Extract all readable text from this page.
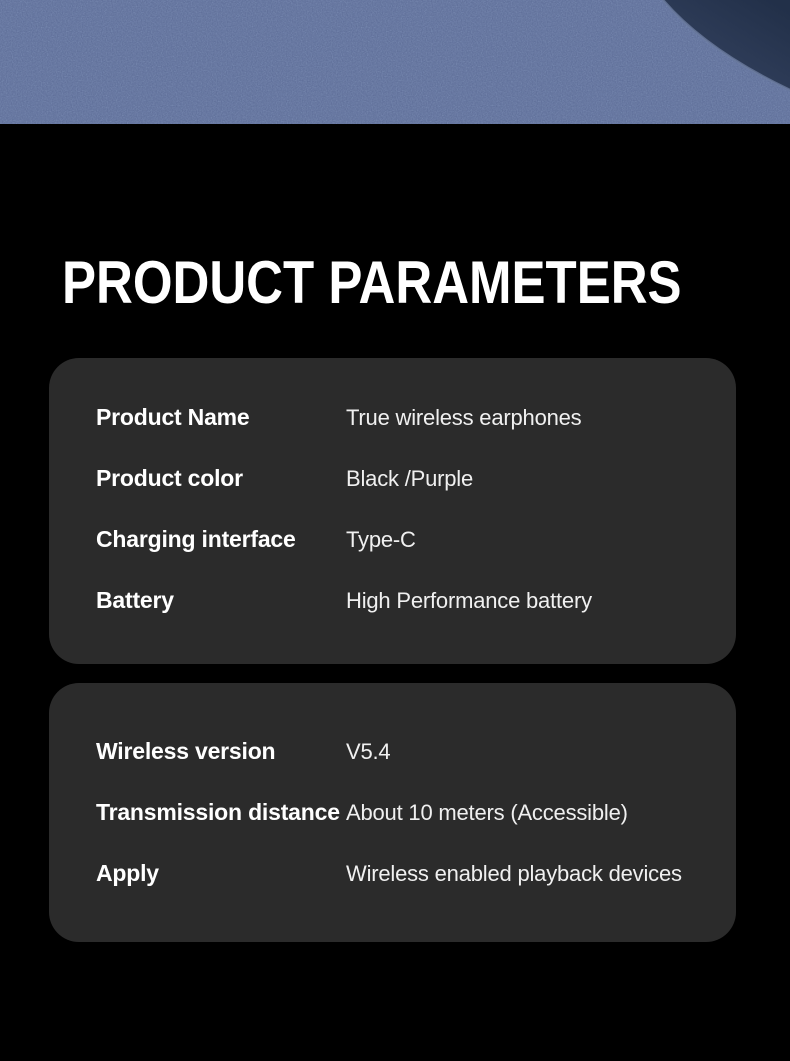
PRODUCT PARAMETERS
Product Name	True wireless earphones
Product color	Black /Purple
Charging interface	Type-C
Battery	High Performance battery
Wireless version	V5.4
Transmission distance About 10 meters (Accessible)
Apply	Wireless enabled playback devices
